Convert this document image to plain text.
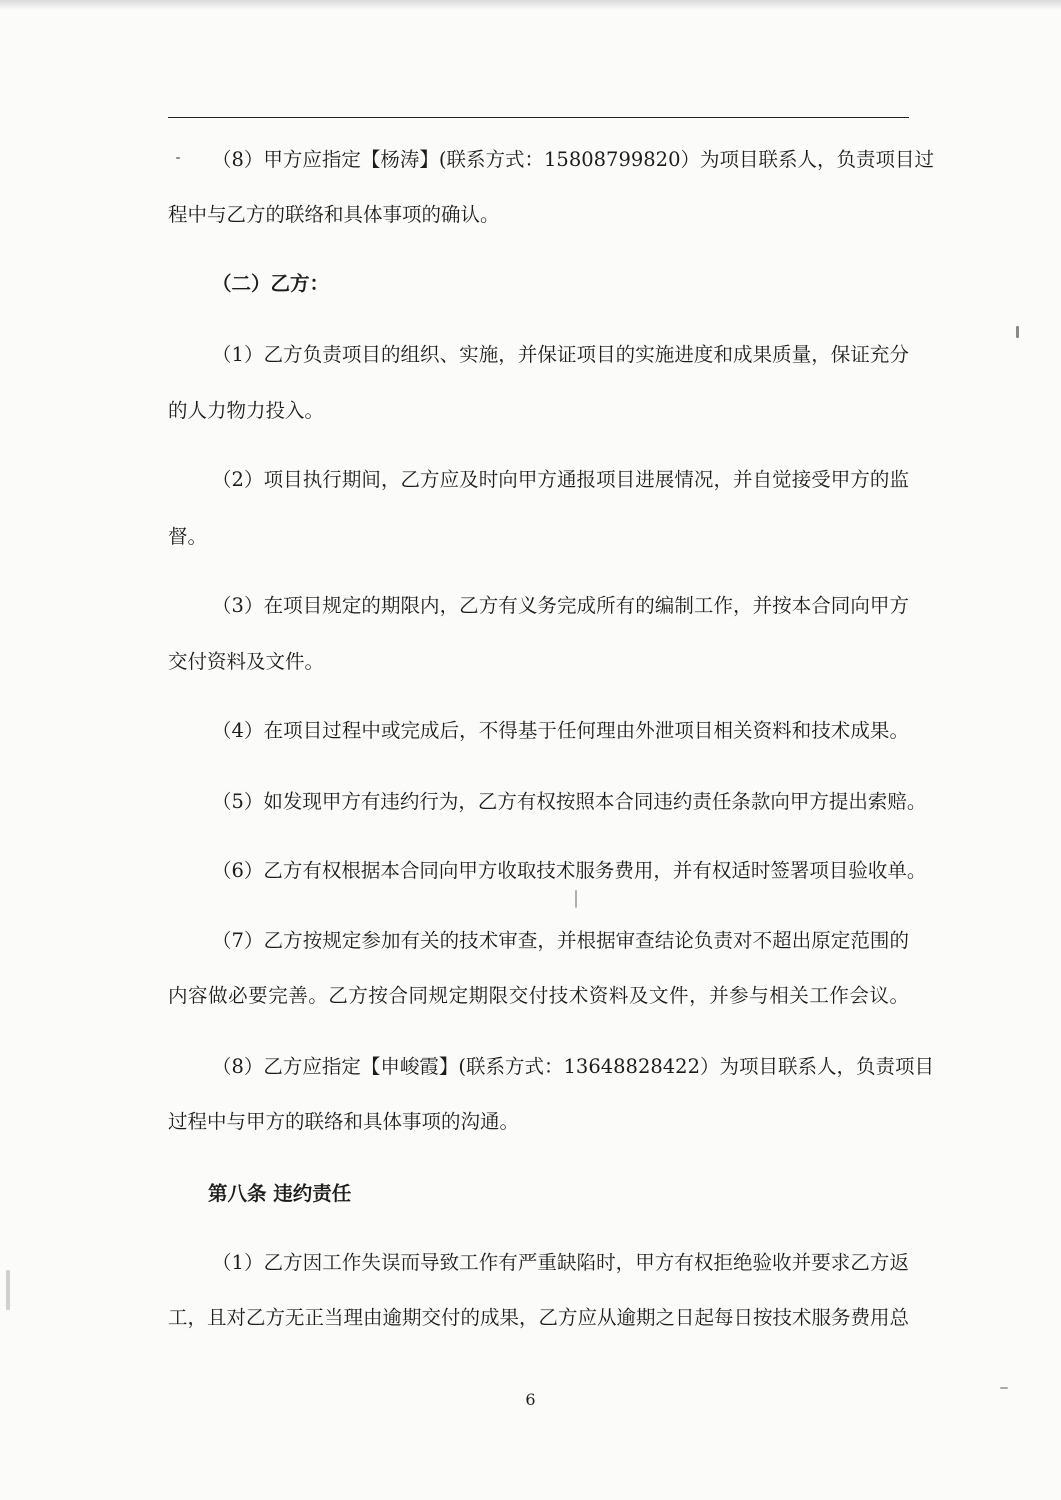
（8）甲方应指定【杨涛】(联系方式：15808799820）为项目联系人，负责项目过
程中与乙方的联络和具体事项的确认。
（二）乙方：
（1）乙方负责项目的组织、实施，并保证项目的实施进度和成果质量，保证充分
的人力物力投入。
（2）项目执行期间，乙方应及时向甲方通报项目进展情况，并自觉接受甲方的监
督。
（3）在项目规定的期限内，乙方有义务完成所有的编制工作，并按本合同向甲方
交付资料及文件。
（4）在项目过程中或完成后，不得基于任何理由外泄项目相关资料和技术成果。
（5）如发现甲方有违约行为，乙方有权按照本合同违约责任条款向甲方提出索赔。
（6）乙方有权根据本合同向甲方收取技术服务费用，并有权适时签署项目验收单。
（7）乙方按规定参加有关的技术审查，并根据审查结论负责对不超出原定范围的
内容做必要完善。乙方按合同规定期限交付技术资料及文件，并参与相关工作会议。
（8）乙方应指定【申峻霞】(联系方式：13648828422）为项目联系人，负责项目
过程中与甲方的联络和具体事项的沟通。
第八条 违约责任
（1）乙方因工作失误而导致工作有严重缺陷时，甲方有权拒绝验收并要求乙方返
工，且对乙方无正当理由逾期交付的成果，乙方应从逾期之日起每日按技术服务费用总
6
